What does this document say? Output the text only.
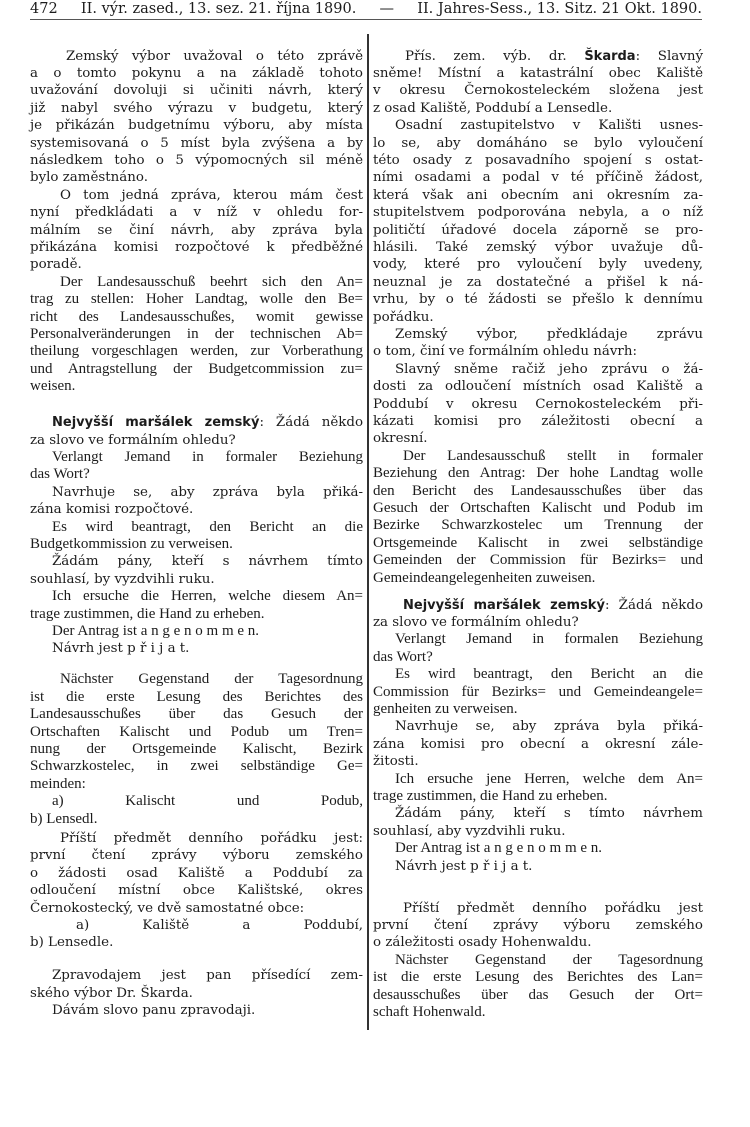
472 II. výr. zased., 13. sez. 21. října 1890. — II. Jahres-Sess., 13. Sitz. 21 Okt. 1890.
Zemský výbor uvažoval o této zprávě
a o tomto pokynu a na základě tohoto
uvažování dovoluji si učiniti návrh, který
již nabyl svého výrazu v budgetu, který
je přikázán budgetnímu výboru, aby místa
systemisovaná o 5 míst byla zvýšena a by
následkem toho o 5 výpomocných sil méně
bylo zaměstnáno.
O tom jedná zpráva, kterou mám čest
nyní předkládati a v níž v ohledu for-
málním se činí návrh, aby zpráva byla
přikázána komisi rozpočtové k předběžné
poradě.
Der Landesausschuß beehrt sich den An=
trag zu stellen: Hoher Landtag, wolle den Be=
richt des Landesausschußes, womit gewisse
Personalveränderungen in der technischen Ab=
theilung vorgeschlagen werden, zur Vorberathung
und Antragstellung der Budgetcommission zu=
weisen.
Nejvyšší maršálek zemský: Žádá někdo
za slovo ve formálním ohledu?
Verlangt Jemand in formaler Beziehung
das Wort?
Navrhuje se, aby zpráva byla přiká-
zána komisi rozpočtové.
Es wird beantragt, den Bericht an die
Budgetkommission zu verweisen.
Žádám pány, kteří s návrhem tímto
souhlasí, by vyzdvihli ruku.
Ich ersuche die Herren, welche diesem An=
trage zustimmen, die Hand zu erheben.
Der Antrag ist a n g e n o m m e n.
Návrh jest p ř i j a t.
Nächster Gegenstand der Tagesordnung
ist die erste Lesung des Berichtes des
Landesausschußes über das Gesuch der
Ortschaften Kalischt und Podub um Tren=
nung der Ortsgemeinde Kalischt, Bezirk
Schwarzkostelec, in zwei selbständige Ge=
meinden:
a) Kalischt und Podub,
b) Lensedl.
Příští předmět denního pořádku jest:
první čtení zprávy výboru zemského
o žádosti osad Kaliště a Poddubí za
odloučení místní obce Kalištské, okres
Černokostecký, ve dvě samostatné obce:
a) Kaliště a Poddubí,
b) Lensedle.
Zpravodajem jest pan přísedící zem-
ského výbor Dr. Škarda.
Dávám slovo panu zpravodaji.
Přís. zem. výb. dr. Škarda: Slavný
sněme! Místní a katastrální obec Kaliště
v okresu Černokosteleckém složena jest
z osad Kaliště, Poddubí a Lensedle.
Osadní zastupitelstvo v Kališti usnes-
lo se, aby domáháno se bylo vyloučení
této osady z posavadního spojení s ostat-
ními osadami a podal v té příčině žádost,
která však ani obecním ani okresním za-
stupitelstvem podporována nebyla, a o níž
političtí úřadové docela záporně se pro-
hlásili. Také zemský výbor uvažuje dů-
vody, které pro vyloučení byly uvedeny,
neuznal je za dostatečné a přišel k ná-
vrhu, by o té žádosti se přešlo k dennímu
pořádku.
Zemský výbor, předkládaje zprávu
o tom, činí ve formálním ohledu návrh:
Slavný sněme račiž jeho zprávu o žá-
dosti za odloučení místních osad Kaliště a
Poddubí v okresu Cernokosteleckém při-
kázati komisi pro záležitosti obecní a
okresní.
Der Landesausschuß stellt in formaler
Beziehung den Antrag: Der hohe Landtag wolle
den Bericht des Landesausschußes über das
Gesuch der Ortschaften Kalischt und Podub im
Bezirke Schwarzkostelec um Trennung der
Ortsgemeinde Kalischt in zwei selbständige
Gemeinden der Commission für Bezirks= und
Gemeindeangelegenheiten zuweisen.
Nejvyšší maršálek zemský: Žádá někdo
za slovo ve formálním ohledu?
Verlangt Jemand in formalen Beziehung
das Wort?
Es wird beantragt, den Bericht an die
Commission für Bezirks= und Gemeindeangele=
genheiten zu verweisen.
Navrhuje se, aby zpráva byla přiká-
zána komisi pro obecní a okresní zále-
žitosti.
Ich ersuche jene Herren, welche dem An=
trage zustimmen, die Hand zu erheben.
Žádám pány, kteří s tímto návrhem
souhlasí, aby vyzdvihli ruku.
Der Antrag ist a n g e n o m m e n.
Návrh jest p ř i j a t.
Příští předmět denního pořádku jest
první čtení zprávy výboru zemského
o záležitosti osady Hohenwaldu.
Nächster Gegenstand der Tagesordnung
ist die erste Lesung des Berichtes des Lan=
desausschußes über das Gesuch der Ort=
schaft Hohenwald.
